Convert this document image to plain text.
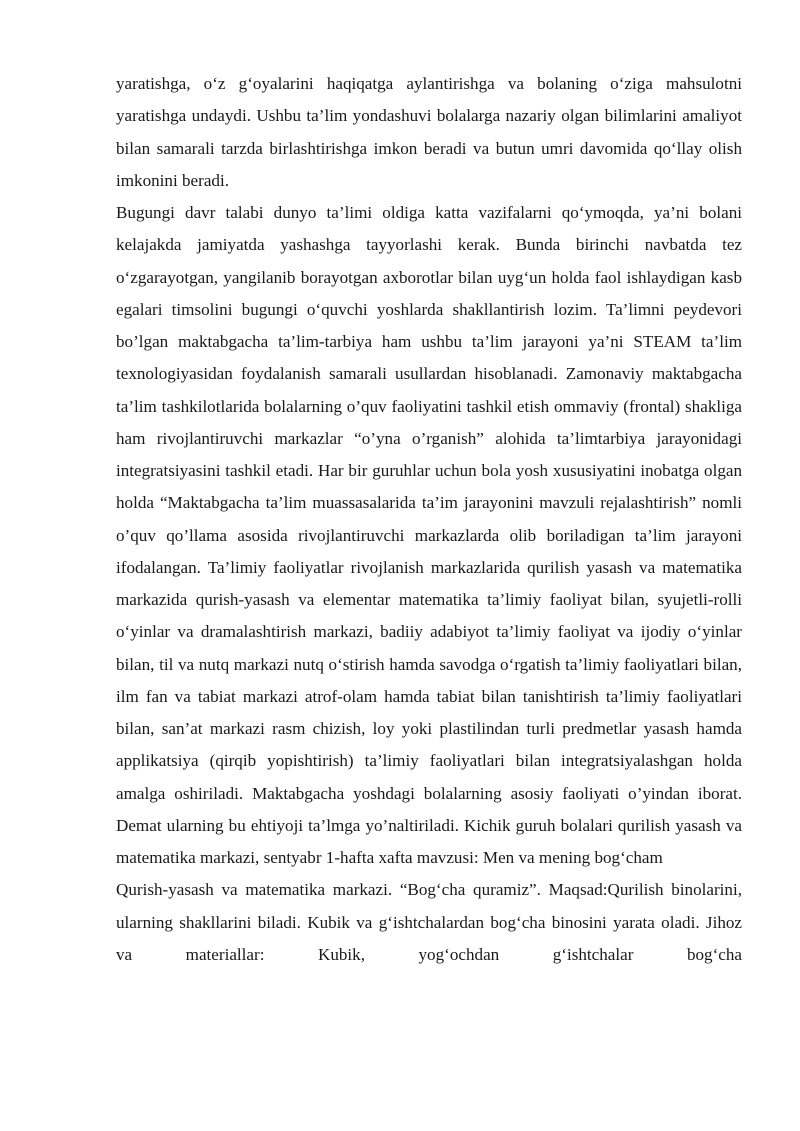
yaratishga, o‘z g‘oyalarini haqiqatga aylantirishga va bolaning o‘ziga mahsulotni yaratishga undaydi. Ushbu ta’lim yondashuvi bolalarga nazariy olgan bilimlarini amaliyot bilan samarali tarzda birlashtirishga imkon beradi va butun umri davomida qo‘llay olish imkonini beradi.

Bugungi davr talabi dunyo ta’limi oldiga katta vazifalarni qo‘ymoqda, ya’ni bolani kelajakda jamiyatda yashashga tayyorlashi kerak. Bunda birinchi navbatda tez o‘zgarayotgan, yangilanib borayotgan axborotlar bilan uyg‘un holda faol ishlaydigan kasb egalari timsolini bugungi o‘quvchi yoshlarda shakllantirish lozim. Ta’limni peydevori bo’lgan maktabgacha ta’lim-tarbiya ham ushbu ta’lim jarayoni ya’ni STEAM ta’lim texnologiyasidan foydalanish samarali usullardan hisoblanadi. Zamonaviy maktabgacha ta’lim tashkilotlarida bolalarning o’quv faoliyatini tashkil etish ommaviy (frontal) shakliga ham rivojlantiruvchi markazlar “o’yna o’rganish” alohida ta’limtarbiya jarayonidagi integratsiyasini tashkil etadi. Har bir guruhlar uchun bola yosh xususiyatini inobatga olgan holda “Maktabgacha ta’lim muassasalarida ta’im jarayonini mavzuli rejalashtirish” nomli o’quv qo’llama asosida rivojlantiruvchi markazlarda olib boriladigan ta’lim jarayoni ifodalangan. Ta’limiy faoliyatlar rivojlanish markazlarida qurilish yasash va matematika markazida qurish-yasash va elementar matematika ta’limiy faoliyat bilan, syujetli-rolli o‘yinlar va dramalashtirish markazi, badiiy adabiyot ta’limiy faoliyat va ijodiy o‘yinlar bilan, til va nutq markazi nutq o‘stirish hamda savodga o‘rgatish ta’limiy faoliyatlari bilan, ilm fan va tabiat markazi atrof-olam hamda tabiat bilan tanishtirish ta’limiy faoliyatlari bilan, san’at markazi rasm chizish, loy yoki plastilindan turli predmetlar yasash hamda applikatsiya (qirqib yopishtirish) ta’limiy faoliyatlari bilan integratsiyalashgan holda amalga oshiriladi. Maktabgacha yoshdagi bolalarning asosiy faoliyati o’yindan iborat. Demat ularning bu ehtiyoji ta’lmga yo’naltiriladi. Kichik guruh bolalari qurilish yasash va matematika markazi, sentyabr 1-hafta xafta mavzusi: Men va mening bog‘cham

Qurish-yasash va matematika markazi. “Bog‘cha quramiz”. Maqsad:Qurilish binolarini, ularning shakllarini biladi. Kubik va g‘ishtchalardan bog‘cha binosini yarata oladi. Jihoz va materiallar: Kubik, yog‘ochdan g‘ishtchalar bog‘cha
